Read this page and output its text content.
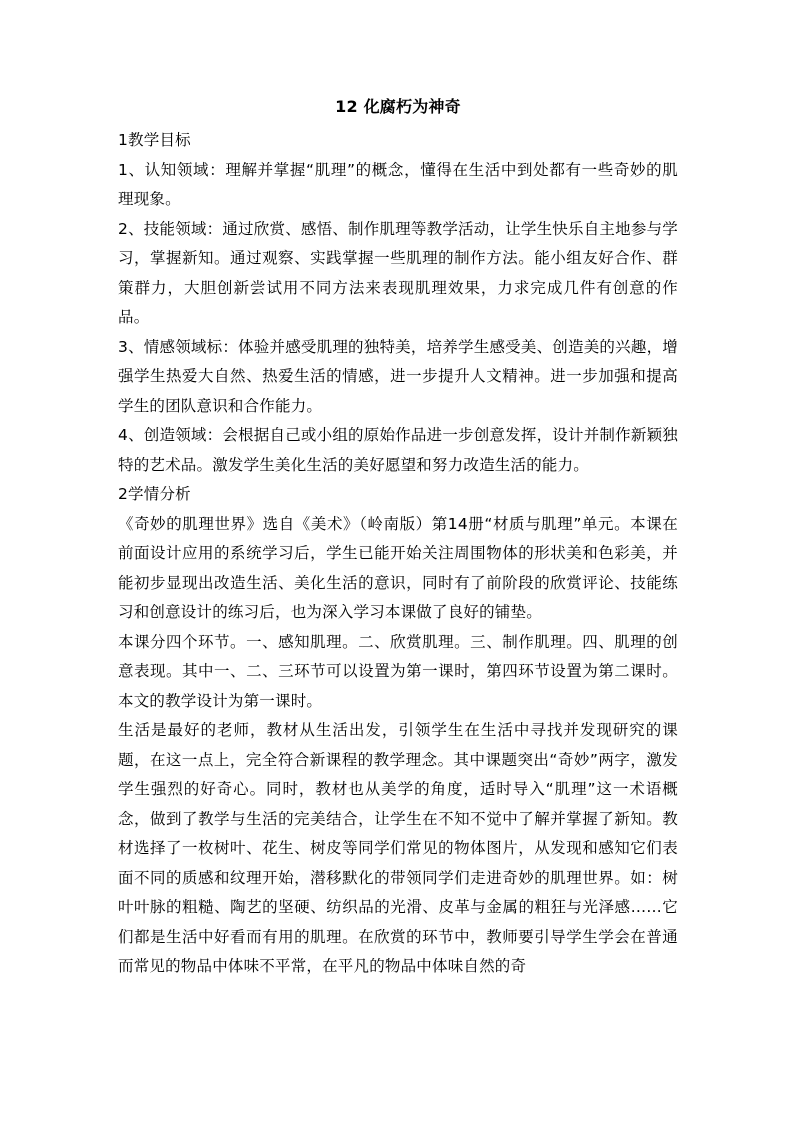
12 化腐朽为神奇

1教学目标

1、认知领域：理解并掌握“肌理”的概念，懂得在生活中到处都有一些奇妙的肌理现象。

2、技能领域：通过欣赏、感悟、制作肌理等教学活动，让学生快乐自主地参与学习，掌握新知。通过观察、实践掌握一些肌理的制作方法。能小组友好合作、群策群力，大胆创新尝试用不同方法来表现肌理效果，力求完成几件有创意的作品。

3、情感领域标：体验并感受肌理的独特美，培养学生感受美、创造美的兴趣，增强学生热爱大自然、热爱生活的情感，进一步提升人文精神。进一步加强和提高学生的团队意识和合作能力。

4、创造领域：会根据自己或小组的原始作品进一步创意发挥，设计并制作新颖独特的艺术品。激发学生美化生活的美好愿望和努力改造生活的能力。

2学情分析

《奇妙的肌理世界》选自《美术》（岭南版）第14册“材质与肌理”单元。本课在前面设计应用的系统学习后，学生已能开始关注周围物体的形状美和色彩美，并能初步显现出改造生活、美化生活的意识，同时有了前阶段的欣赏评论、技能练习和创意设计的练习后，也为深入学习本课做了良好的铺垫。

本课分四个环节。一、感知肌理。二、欣赏肌理。三、制作肌理。四、肌理的创意表现。其中一、二、三环节可以设置为第一课时，第四环节设置为第二课时。本文的教学设计为第一课时。

生活是最好的老师，教材从生活出发，引领学生在生活中寻找并发现研究的课题，在这一点上，完全符合新课程的教学理念。其中课题突出“奇妙”两字，激发学生强烈的好奇心。同时，教材也从美学的角度，适时导入“肌理”这一术语概念，做到了教学与生活的完美结合，让学生在不知不觉中了解并掌握了新知。教材选择了一枚树叶、花生、树皮等同学们常见的物体图片，从发现和感知它们表面不同的质感和纹理开始，潜移默化的带领同学们走进奇妙的肌理世界。如：树叶叶脉的粗糙、陶艺的坚硬、纺织品的光滑、皮革与金属的粗狂与光泽感……它们都是生活中好看而有用的肌理。在欣赏的环节中，教师要引导学生学会在普通而常见的物品中体味不平常，在平凡的物品中体味自然的奇
